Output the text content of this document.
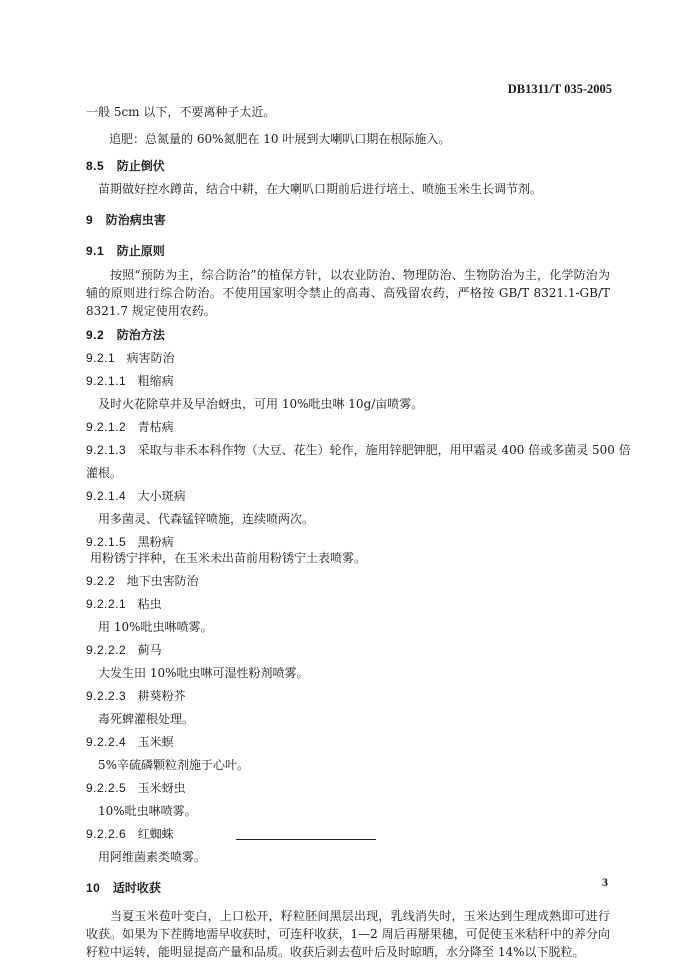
DB1311/T 035-2005
一般 5cm 以下，不要离种子太近。
追肥：总氮量的 60%氮肥在 10 叶展到大喇叭口期在根际施入。
8.5 防止倒伏
苗期做好控水蹲苗，结合中耕，在大喇叭口期前后进行培土、喷施玉米生长调节剂。
9 防治病虫害
9.1 防止原则
按照“预防为主，综合防治”的植保方针，以农业防治、物理防治、生物防治为主，化学防治为辅的原则进行综合防治。不使用国家明令禁止的高毒、高残留农药，严格按 GB/T 8321.1-GB/T 8321.7 规定使用农药。
9.2 防治方法
9.2.1 病害防治
9.2.1.1 粗缩病
及时火花除草并及早治蚜虫，可用 10%吡虫啉 10g/亩喷雾。
9.2.1.2 青枯病
9.2.1.3 采取与非禾本科作物（大豆、花生）轮作，施用锌肥钾肥，用甲霜灵 400 倍或多菌灵 500 倍
灌根。
9.2.1.4 大小斑病
用多菌灵、代森锰锌喷施，连续喷两次。
9.2.1.5 黑粉病
用粉锈宁拌种，在玉米未出苗前用粉锈宁土表喷雾。
9.2.2 地下虫害防治
9.2.2.1 粘虫
用 10%吡虫啉喷雾。
9.2.2.2 蓟马
大发生田 10%吡虫啉可湿性粉剂喷雾。
9.2.2.3 耕葵粉芥
毒死蜱灌根处理。
9.2.2.4 玉米螟
5%辛硫磷颗粒剂施于心叶。
9.2.2.5 玉米蚜虫
10%吡虫啉喷雾。
9.2.2.6 红蜘蛛
用阿维菌素类喷雾。
10 适时收获
当夏玉米苞叶变白，上口松开，籽粒胚间黑层出现，乳线消失时，玉米达到生理成熟即可进行收获。如果为下茬腾地需早收获时，可连秆收获，1—2 周后再掰果穗，可促使玉米秸秆中的养分向籽粒中运转，能明显提高产量和品质。收获后剥去苞叶后及时晾晒，水分降至 14%以下脱粒。
3
